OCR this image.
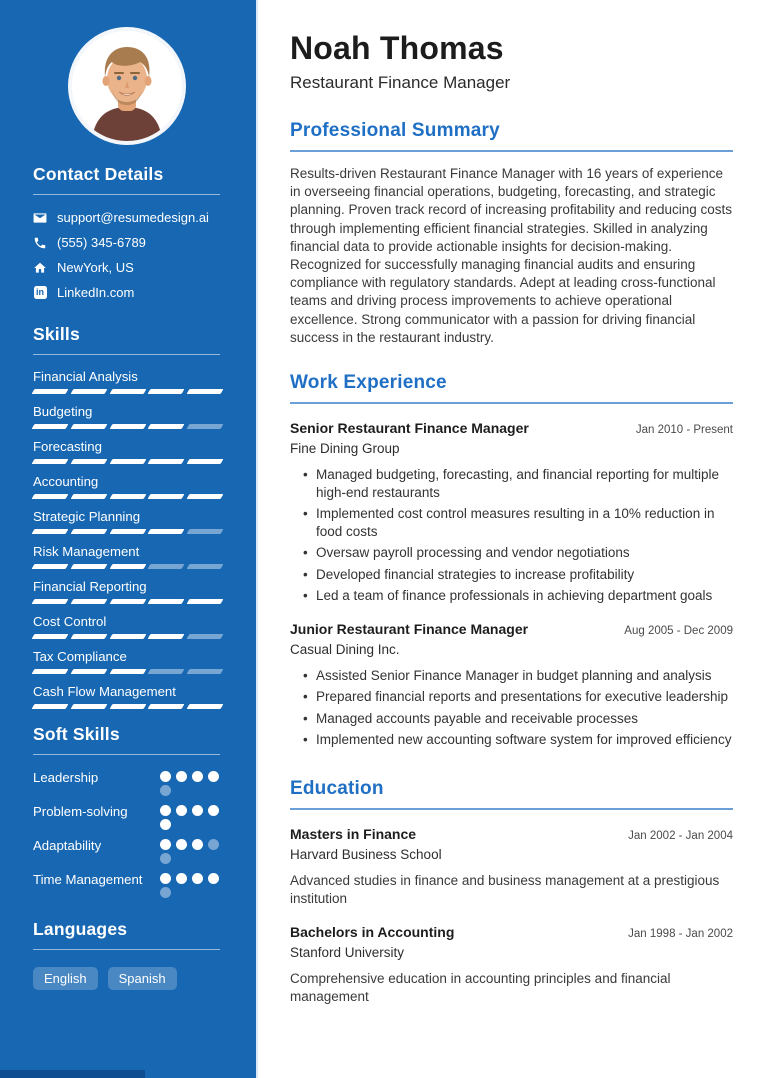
Contact Details
support@resumedesign.ai
(555) 345-6789
NewYork, US
in LinkedIn.com
Skills
Financial Analysis
Budgeting
Forecasting
Accounting
Strategic Planning
Risk Management
Financial Reporting
Cost Control
Tax Compliance
Cash Flow Management
Soft Skills
Leadership
Problem-solving
Adaptability
Time Management
Languages
English	Spanish
Noah Thomas
Restaurant Finance Manager
Professional Summary

Results-driven Restaurant Finance Manager with 16 years of experience in overseeing financial operations, budgeting, forecasting, and strategic planning. Proven track record of increasing profitability and reducing costs through implementing efficient financial strategies. Skilled in analyzing financial data to provide actionable insights for decision-making. Recognized for successfully managing financial audits and ensuring compliance with regulatory standards. Adept at leading cross-functional teams and driving process improvements to achieve operational excellence. Strong communicator with a passion for driving financial success in the restaurant industry.

Work Experience
Senior Restaurant Finance Manager	Jan 2010 - Present
Fine Dining Group
• Managed budgeting, forecasting, and financial reporting for multiple high-end restaurants
• Implemented cost control measures resulting in a 10% reduction in food costs
• Oversaw payroll processing and vendor negotiations
• Developed financial strategies to increase profitability
• Led a team of finance professionals in achieving department goals
Junior Restaurant Finance Manager	Aug 2005 - Dec 2009
Casual Dining Inc.
• Assisted Senior Finance Manager in budget planning and analysis
• Prepared financial reports and presentations for executive leadership
• Managed accounts payable and receivable processes
• Implemented new accounting software system for improved efficiency
Education
Masters in Finance	Jan 2002 - Jan 2004
Harvard Business School
Advanced studies in finance and business management at a prestigious institution
Bachelors in Accounting	Jan 1998 - Jan 2002
Stanford University
Comprehensive education in accounting principles and financial management
